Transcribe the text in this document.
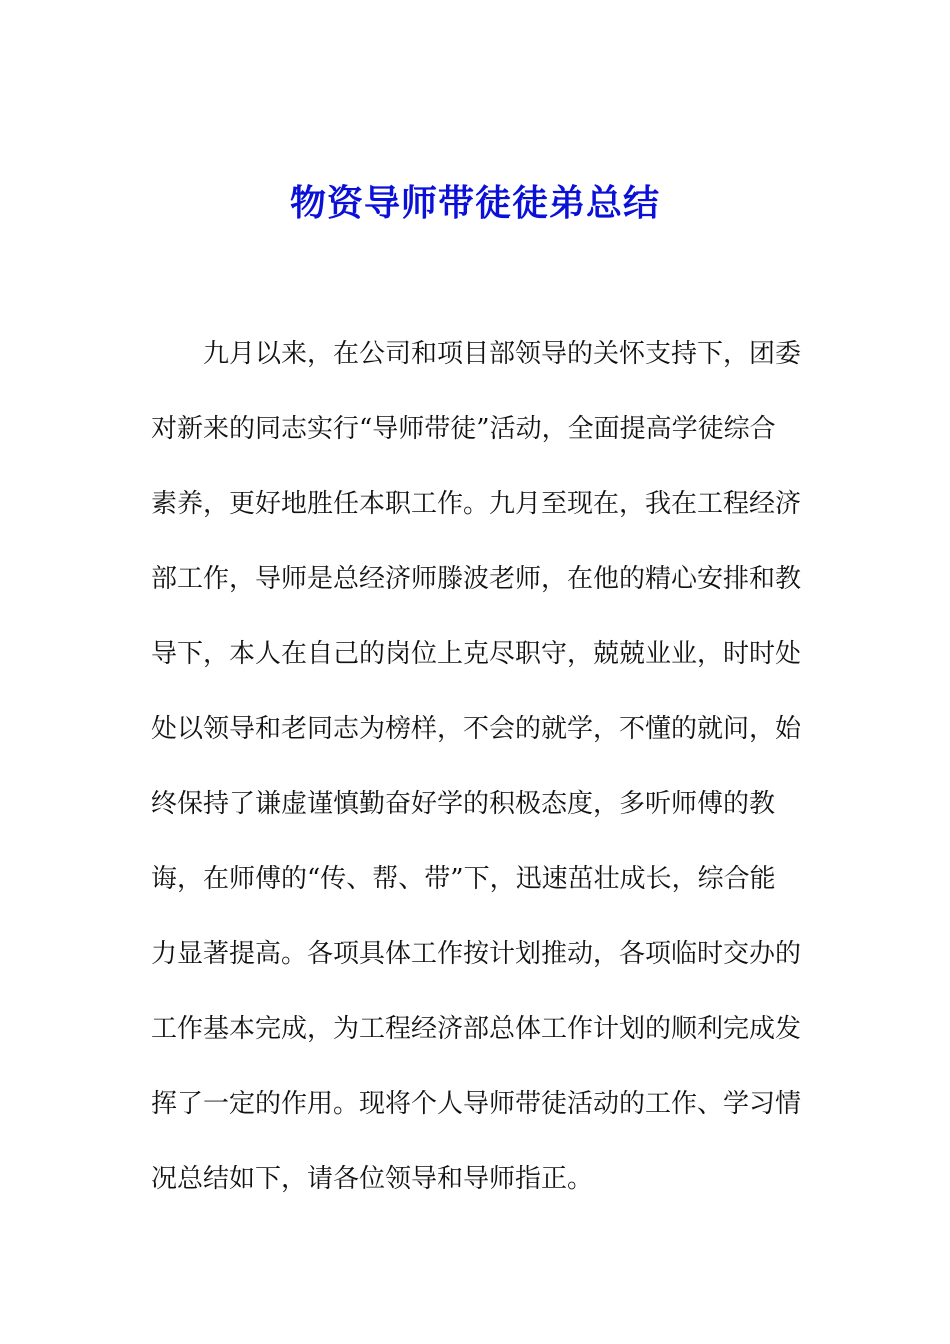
物资导师带徒徒弟总结
九月以来，在公司和项目部领导的关怀支持下，团委
对新来的同志实行“导师带徒”活动，全面提高学徒综合
素养，更好地胜任本职工作。九月至现在，我在工程经济
部工作，导师是总经济师滕波老师，在他的精心安排和教
导下，本人在自己的岗位上克尽职守，兢兢业业，时时处
处以领导和老同志为榜样，不会的就学，不懂的就问，始
终保持了谦虚谨慎勤奋好学的积极态度，多听师傅的教
诲，在师傅的“传、帮、带”下，迅速茁壮成长，综合能
力显著提高。各项具体工作按计划推动，各项临时交办的
工作基本完成，为工程经济部总体工作计划的顺利完成发
挥了一定的作用。现将个人导师带徒活动的工作、学习情
况总结如下，请各位领导和导师指正。
